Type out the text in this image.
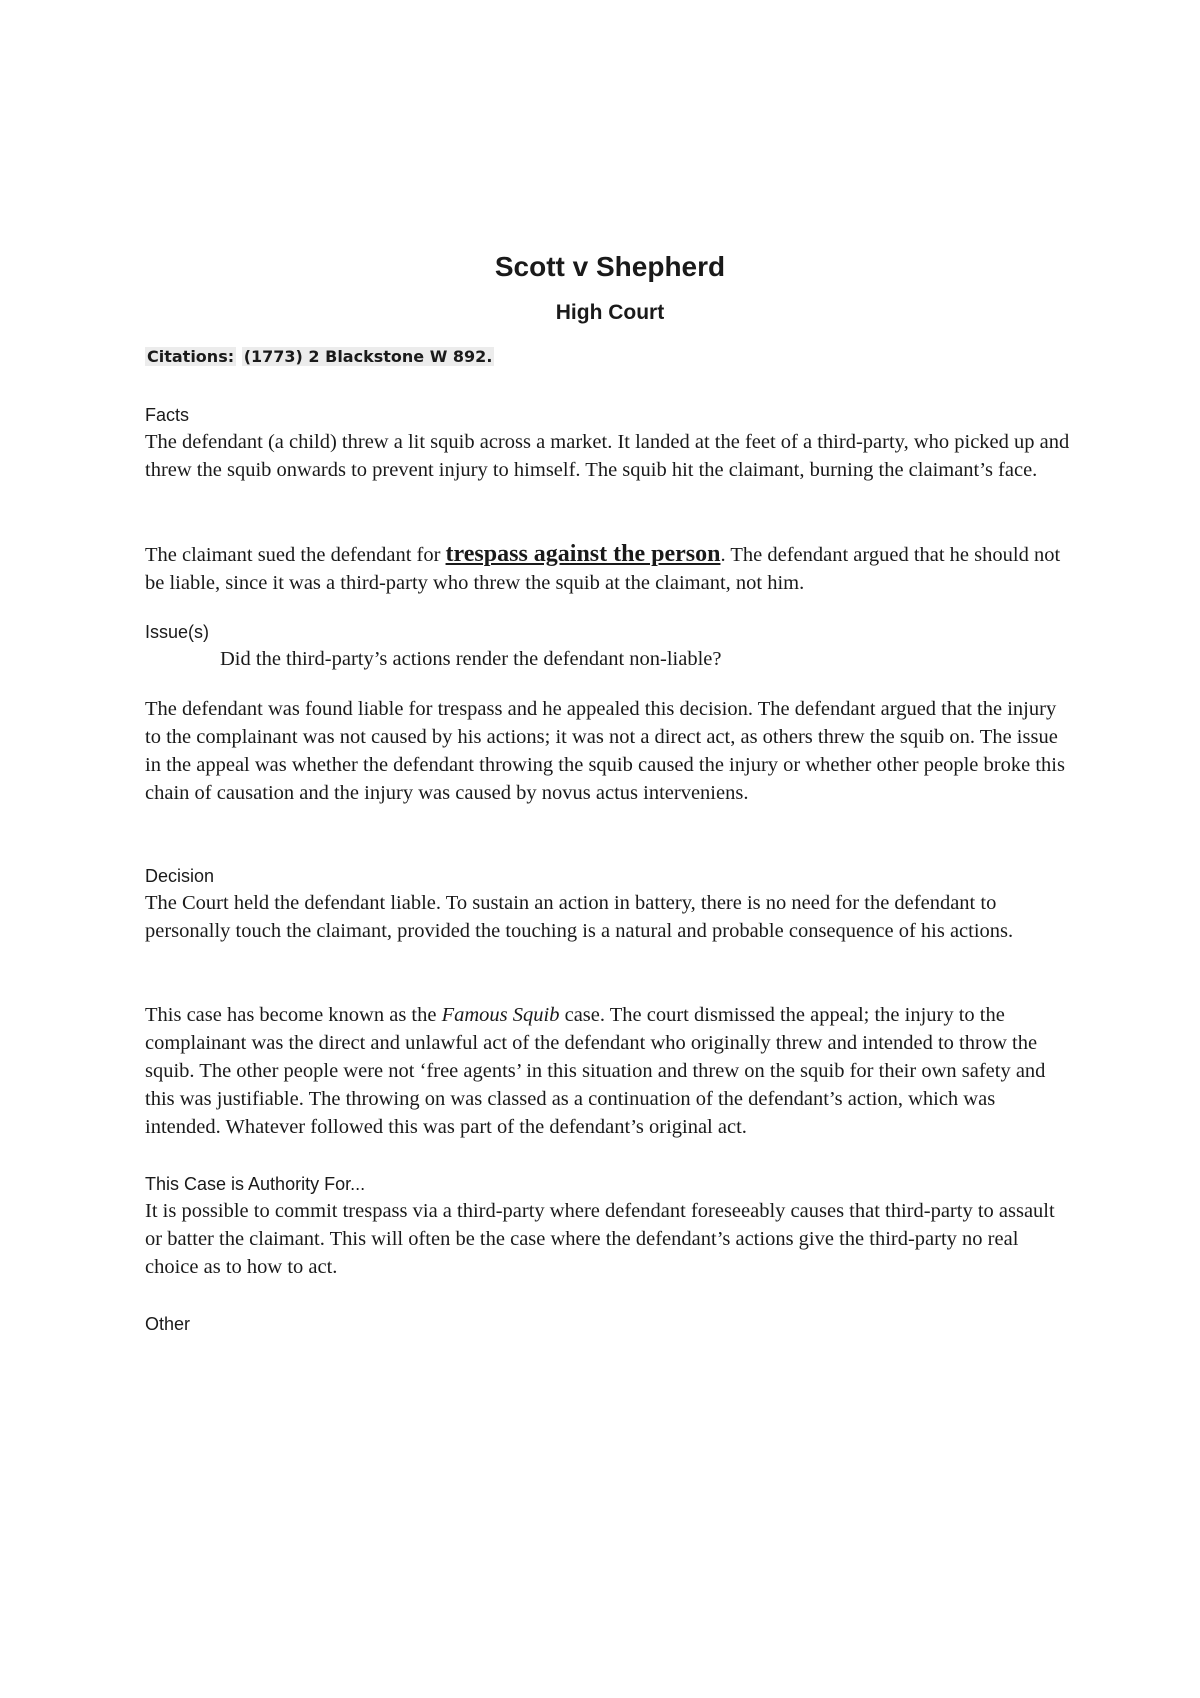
Scott v Shepherd
High Court

Citations: (1773) 2 Blackstone W 892.

Facts

The defendant (a child) threw a lit squib across a market. It landed at the feet of a third-party, who picked up and threw the squib onwards to prevent injury to himself. The squib hit the claimant, burning the claimant’s face.

The claimant sued the defendant for trespass against the person. The defendant argued that he should not be liable, since it was a third-party who threw the squib at the claimant, not him.

Issue(s)

Did the third-party’s actions render the defendant non-liable?

The defendant was found liable for trespass and he appealed this decision. The defendant argued that the injury to the complainant was not caused by his actions; it was not a direct act, as others threw the squib on. The issue in the appeal was whether the defendant throwing the squib caused the injury or whether other people broke this chain of causation and the injury was caused by novus actus interveniens.

Decision

The Court held the defendant liable. To sustain an action in battery, there is no need for the defendant to personally touch the claimant, provided the touching is a natural and probable consequence of his actions.

This case has become known as the Famous Squib case. The court dismissed the appeal; the injury to the complainant was the direct and unlawful act of the defendant who originally threw and intended to throw the squib. The other people were not ‘free agents’ in this situation and threw on the squib for their own safety and this was justifiable. The throwing on was classed as a continuation of the defendant’s action, which was intended. Whatever followed this was part of the defendant’s original act.

This Case is Authority For...

It is possible to commit trespass via a third-party where defendant foreseeably causes that third-party to assault or batter the claimant. This will often be the case where the defendant’s actions give the third-party no real choice as to how to act.

Other
